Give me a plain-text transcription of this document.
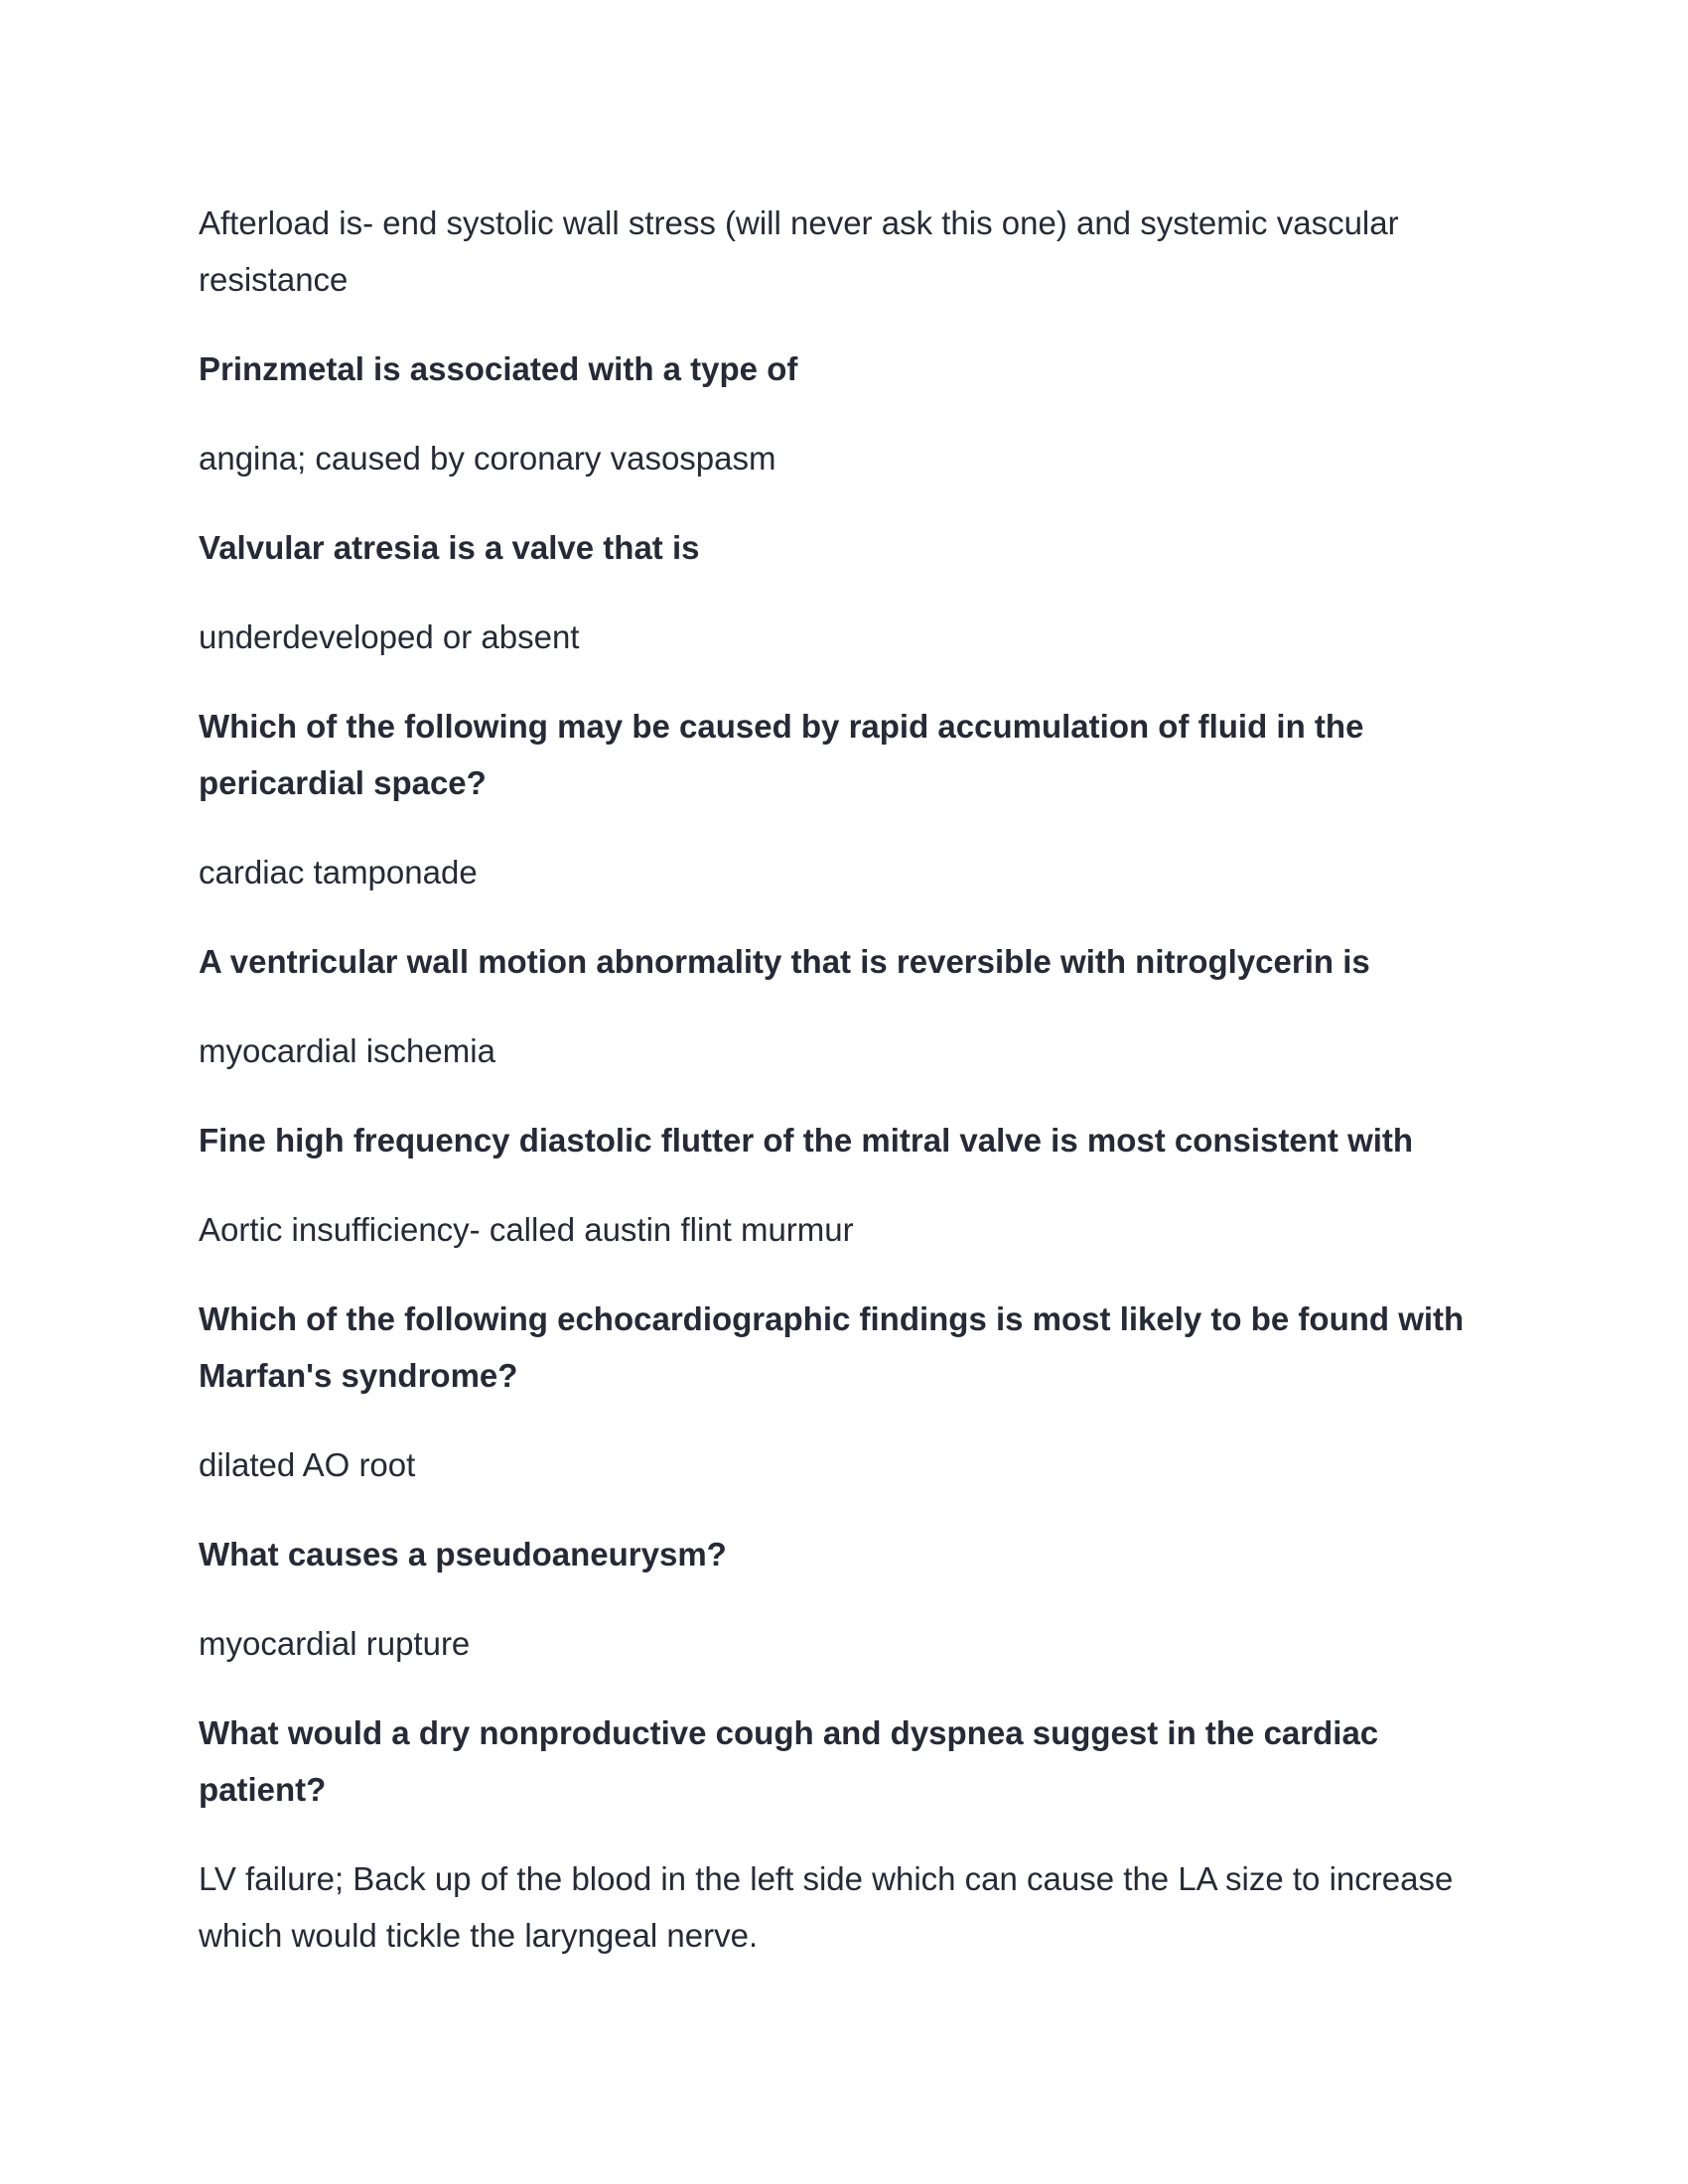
Afterload is- end systolic wall stress (will never ask this one) and systemic vascular resistance

Prinzmetal is associated with a type of

angina; caused by coronary vasospasm

Valvular atresia is a valve that is

underdeveloped or absent

Which of the following may be caused by rapid accumulation of fluid in the pericardial space?

cardiac tamponade

A ventricular wall motion abnormality that is reversible with nitroglycerin is

myocardial ischemia

Fine high frequency diastolic flutter of the mitral valve is most consistent with

Aortic insufficiency- called austin flint murmur

Which of the following echocardiographic findings is most likely to be found with Marfan's syndrome?

dilated AO root

What causes a pseudoaneurysm?

myocardial rupture

What would a dry nonproductive cough and dyspnea suggest in the cardiac patient?

LV failure; Back up of the blood in the left side which can cause the LA size to increase which would tickle the laryngeal nerve.
